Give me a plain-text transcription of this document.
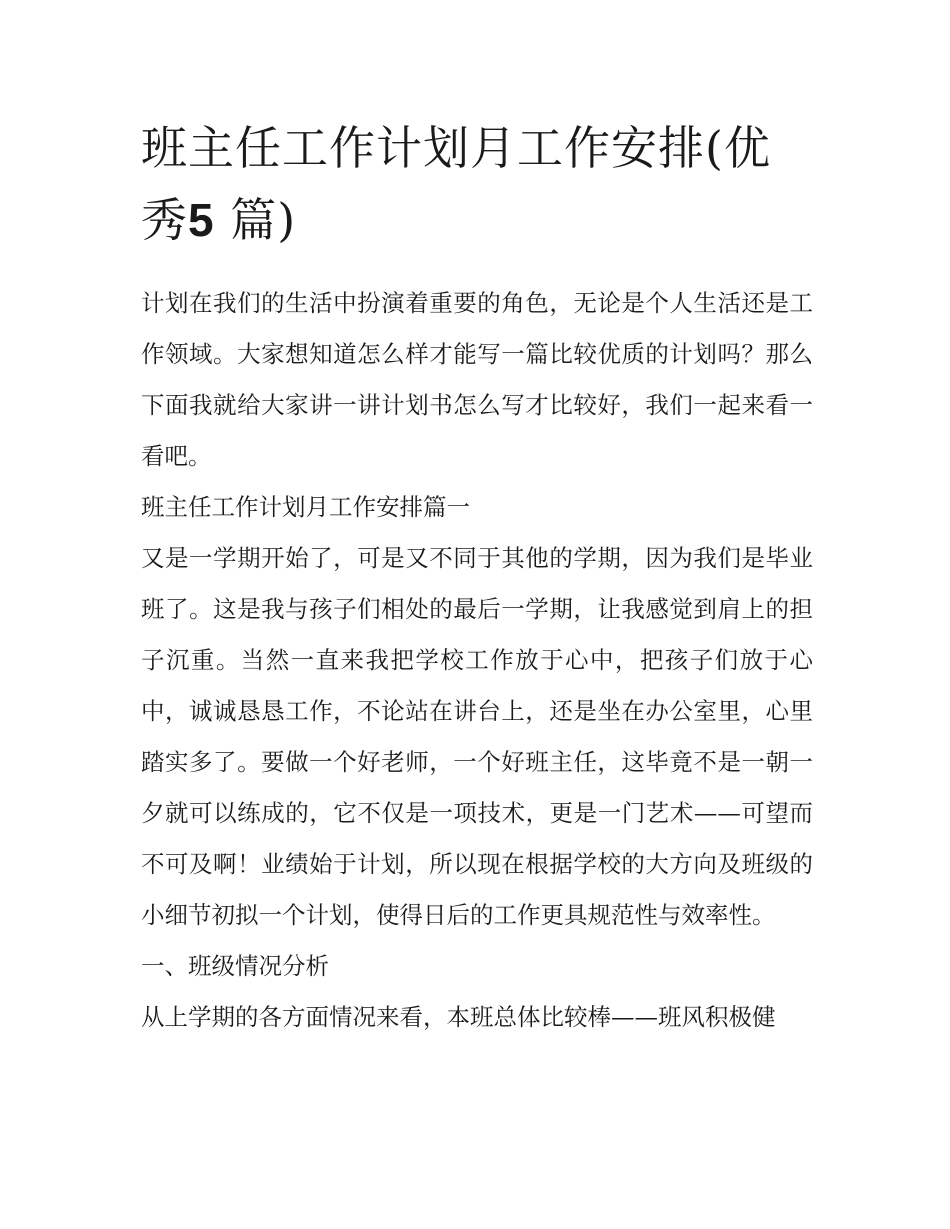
班主任工作计划月工作安排(优秀5 篇)

计划在我们的生活中扮演着重要的角色，无论是个人生活还是工作领域。大家想知道怎么样才能写一篇比较优质的计划吗？那么下面我就给大家讲一讲计划书怎么写才比较好，我们一起来看一看吧。

班主任工作计划月工作安排篇一

又是一学期开始了，可是又不同于其他的学期，因为我们是毕业班了。这是我与孩子们相处的最后一学期，让我感觉到肩上的担子沉重。当然一直来我把学校工作放于心中，把孩子们放于心中，诚诚恳恳工作，不论站在讲台上，还是坐在办公室里，心里踏实多了。要做一个好老师，一个好班主任，这毕竟不是一朝一夕就可以练成的，它不仅是一项技术，更是一门艺术——可望而不可及啊！业绩始于计划，所以现在根据学校的大方向及班级的小细节初拟一个计划，使得日后的工作更具规范性与效率性。

一、班级情况分析

从上学期的各方面情况来看，本班总体比较棒——班风积极健
